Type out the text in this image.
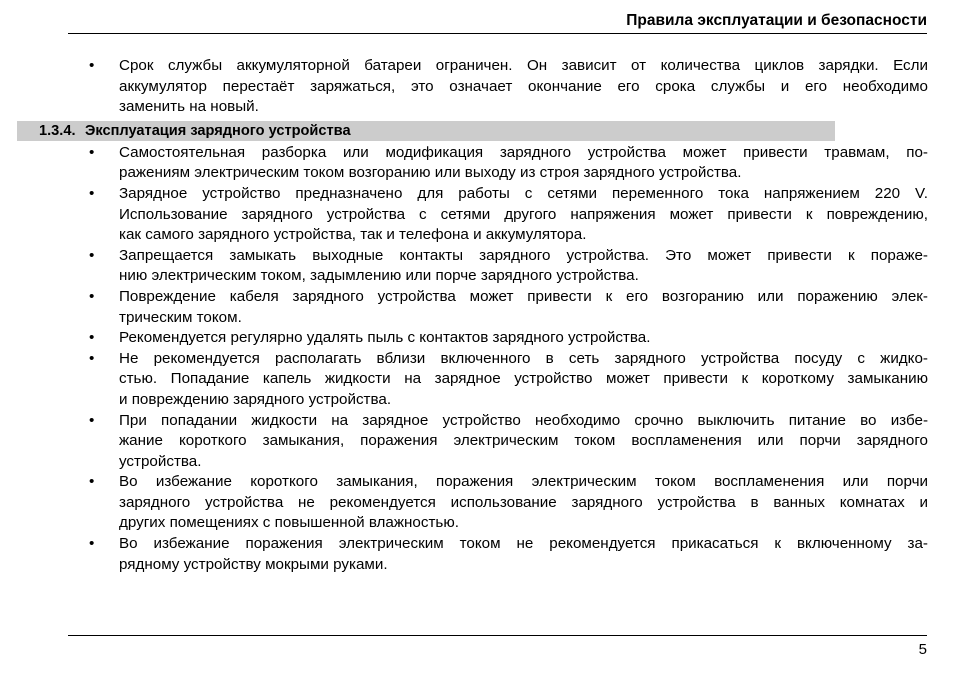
Правила эксплуатации и безопасности
• Срок службы аккумуляторной батареи ограничен. Он зависит от количества циклов зарядки. Если
аккумулятор перестаёт заряжаться, это означает окончание его срока службы и его необходимо
заменить на новый.
1.3.4. Эксплуатация зарядного устройства
• Самостоятельная разборка или модификация зарядного устройства может привести травмам, по-
ражениям электрическим током возгоранию или выходу из строя зарядного устройства.
• Зарядное устройство предназначено для работы с сетями переменного тока напряжением 220 V.
Использование зарядного устройства с сетями другого напряжения может привести к повреждению,
как самого зарядного устройства, так и телефона и аккумулятора.
• Запрещается замыкать выходные контакты зарядного устройства. Это может привести к пораже-
нию электрическим током, задымлению или порче зарядного устройства.
• Повреждение кабеля зарядного устройства может привести к его возгоранию или поражению элек-
трическим током.
• Рекомендуется регулярно удалять пыль с контактов зарядного устройства.
• Не рекомендуется располагать вблизи включенного в сеть зарядного устройства посуду с жидко-
стью. Попадание капель жидкости на зарядное устройство может привести к короткому замыканию
и повреждению зарядного устройства.
• При попадании жидкости на зарядное устройство необходимо срочно выключить питание во избе-
жание короткого замыкания, поражения электрическим током воспламенения или порчи зарядного
устройства.
• Во избежание короткого замыкания, поражения электрическим током воспламенения или порчи
зарядного устройства не рекомендуется использование зарядного устройства в ванных комнатах и
других помещениях с повышенной влажностью.
• Во избежание поражения электрическим током не рекомендуется прикасаться к включенному за-
рядному устройству мокрыми руками.
5
